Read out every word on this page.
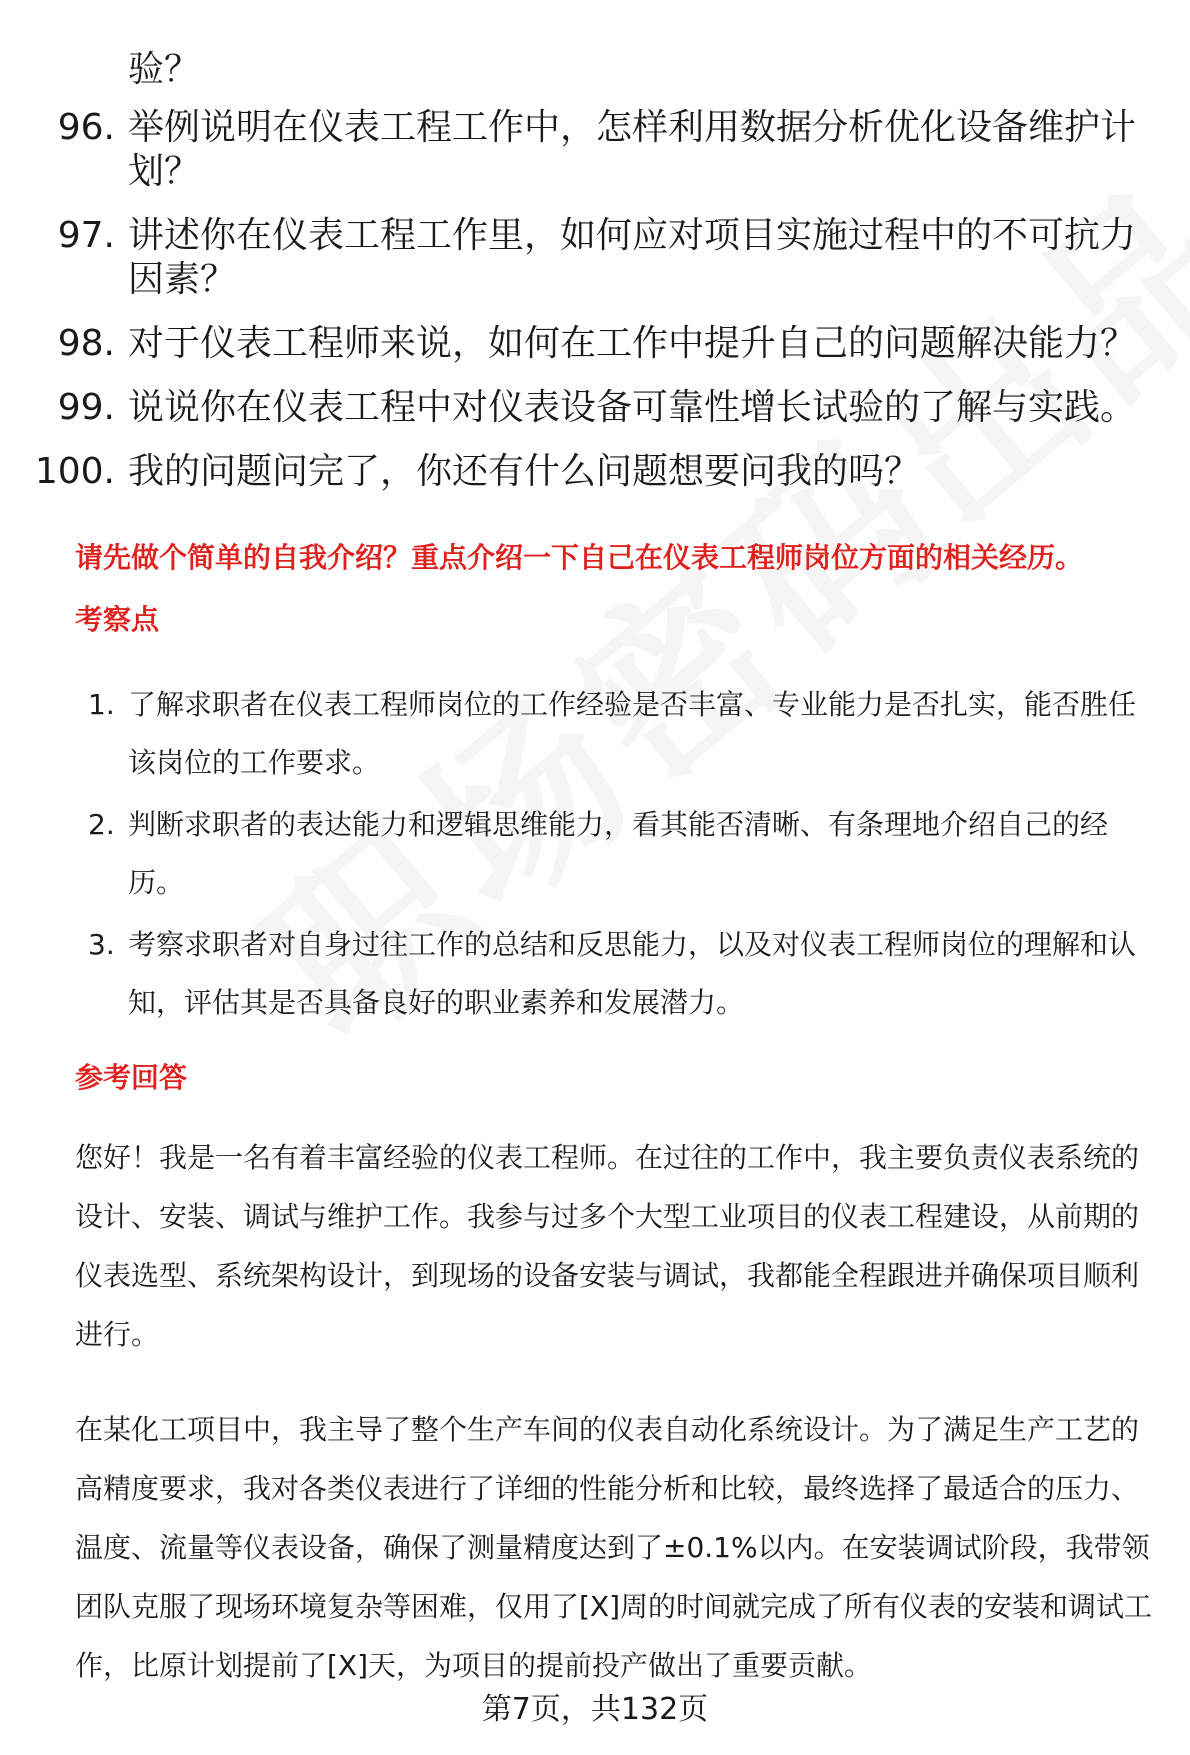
验？
96. 举例说明在仪表工程工作中，怎样利用数据分析优化设备维护计划？
97. 讲述你在仪表工程工作里，如何应对项目实施过程中的不可抗力因素？
98. 对于仪表工程师来说，如何在工作中提升自己的问题解决能力？
99. 说说你在仪表工程中对仪表设备可靠性增长试验的了解与实践。
100. 我的问题问完了，你还有什么问题想要问我的吗？
请先做个简单的自我介绍？重点介绍一下自己在仪表工程师岗位方面的相关经历。
考察点
1. 了解求职者在仪表工程师岗位的工作经验是否丰富、专业能力是否扎实，能否胜任该岗位的工作要求。
2. 判断求职者的表达能力和逻辑思维能力，看其能否清晰、有条理地介绍自己的经历。
3. 考察求职者对自身过往工作的总结和反思能力，以及对仪表工程师岗位的理解和认知，评估其是否具备良好的职业素养和发展潜力。
参考回答
您好！我是一名有着丰富经验的仪表工程师。在过往的工作中，我主要负责仪表系统的设计、安装、调试与维护工作。我参与过多个大型工业项目的仪表工程建设，从前期的仪表选型、系统架构设计，到现场的设备安装与调试，我都能全程跟进并确保项目顺利进行。
在某化工项目中，我主导了整个生产车间的仪表自动化系统设计。为了满足生产工艺的高精度要求，我对各类仪表进行了详细的性能分析和比较，最终选择了最适合的压力、温度、流量等仪表设备，确保了测量精度达到了±0.1%以内。在安装调试阶段，我带领团队克服了现场环境复杂等困难，仅用了[X]周的时间就完成了所有仪表的安装和调试工作，比原计划提前了[X]天，为项目的提前投产做出了重要贡献。
第7页，共132页
